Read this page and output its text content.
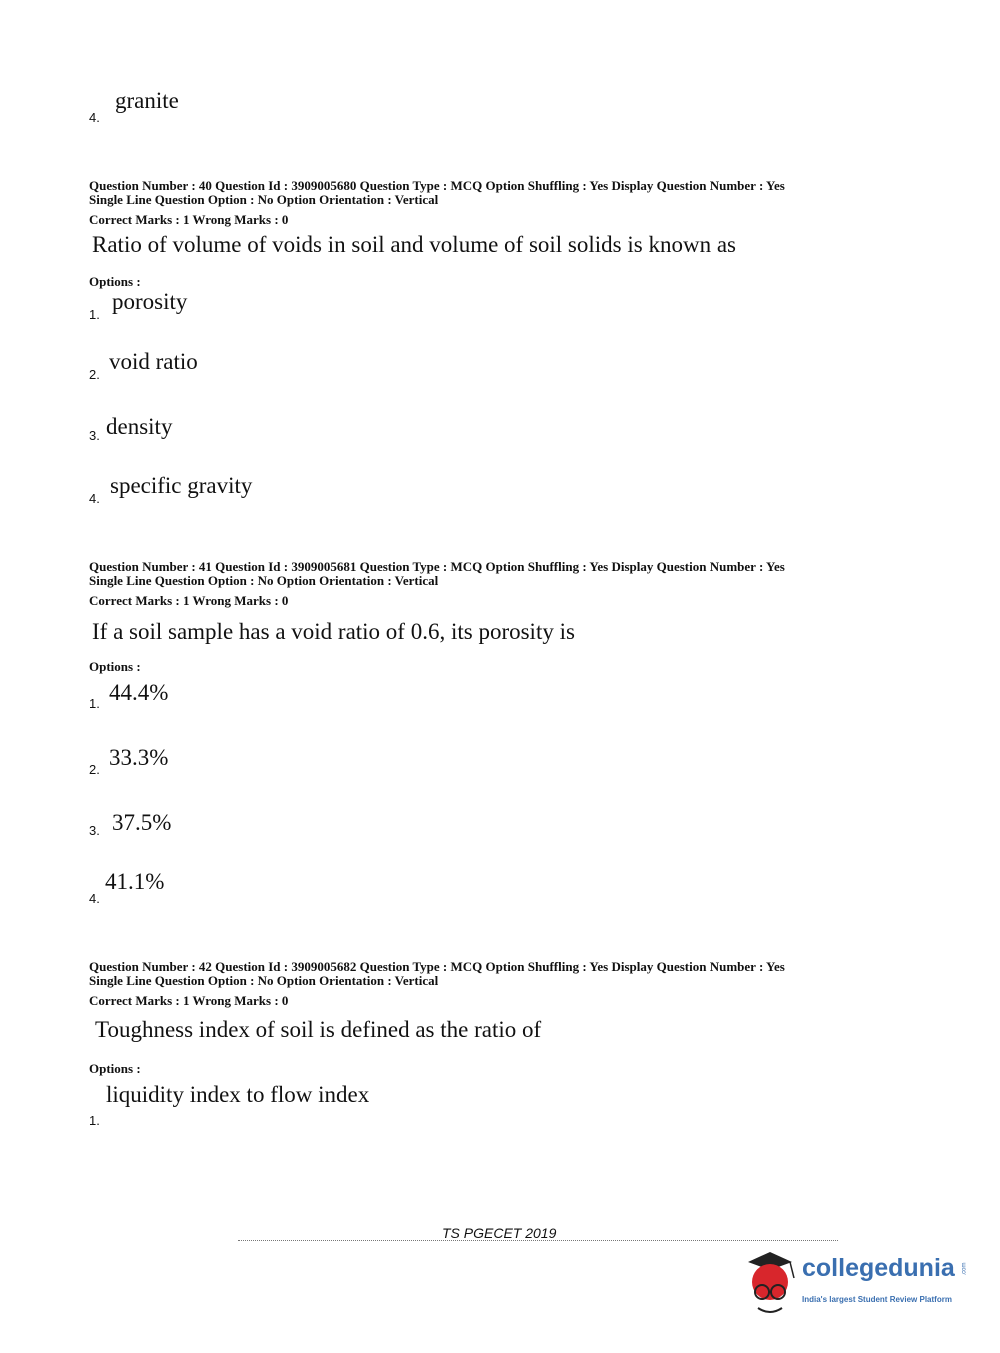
4.
granite
Question Number : 40 Question Id : 3909005680 Question Type : MCQ Option Shuffling : Yes Display Question Number : Yes
Single Line Question Option : No Option Orientation : Vertical
Correct Marks : 1 Wrong Marks : 0
Ratio of volume of voids in soil and volume of soil solids is known as
Options :
1.
porosity
2.
void ratio
3. density
4.
specific gravity
Question Number : 41 Question Id : 3909005681 Question Type : MCQ Option Shuffling : Yes Display Question Number : Yes
Single Line Question Option : No Option Orientation : Vertical
Correct Marks : 1 Wrong Marks : 0
If a soil sample has a void ratio of 0.6, its porosity is
Options :
1. 44.4%
2. 33.3%
3. 37.5%
4.
41.1%
Question Number : 42 Question Id : 3909005682 Question Type : MCQ Option Shuffling : Yes Display Question Number : Yes
Single Line Question Option : No Option Orientation : Vertical
Correct Marks : 1 Wrong Marks : 0
Toughness index of soil is defined as the ratio of
Options :
1.
liquidity index to flow index
TS PGECET 2019
collegedunia .com
India's largest Student Review Platform
